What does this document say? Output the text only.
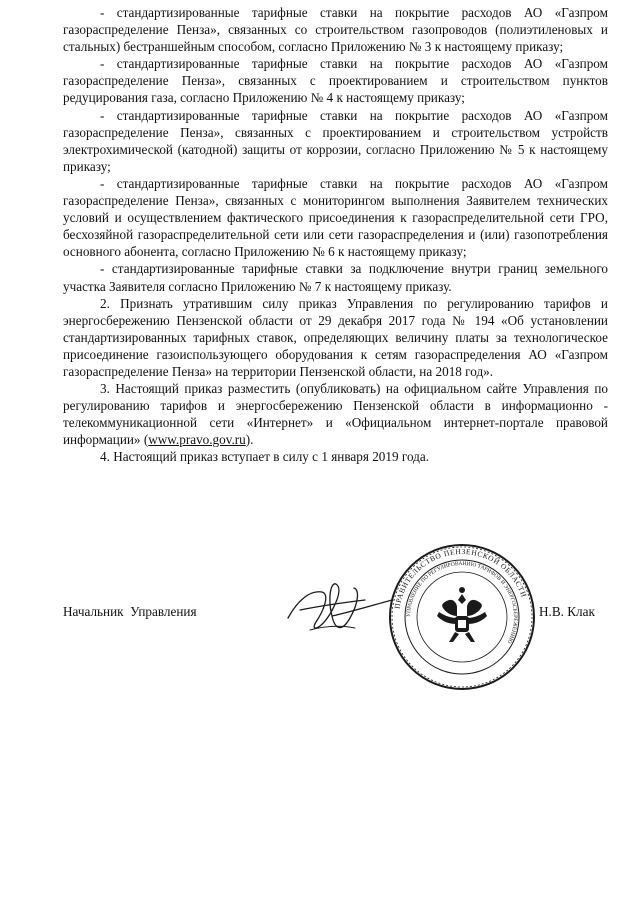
- стандартизированные тарифные ставки на покрытие расходов АО «Газпром газораспределение Пенза», связанных со строительством газопроводов (полиэтиленовых и стальных) бестраншейным способом, согласно Приложению № 3 к настоящему приказу;

- стандартизированные тарифные ставки на покрытие расходов АО «Газпром газораспределение Пенза», связанных с проектированием и строительством пунктов редуцирования газа, согласно Приложению № 4 к настоящему приказу;

- стандартизированные тарифные ставки на покрытие расходов АО «Газпром газораспределение Пенза», связанных с проектированием и строительством устройств электрохимической (катодной) защиты от коррозии, согласно Приложению № 5 к настоящему приказу;

- стандартизированные тарифные ставки на покрытие расходов АО «Газпром газораспределение Пенза», связанных с мониторингом выполнения Заявителем технических условий и осуществлением фактического присоединения к газораспределительной сети ГРО, бесхозяйной газораспределительной сети или сети газораспределения и (или) газопотребления основного абонента, согласно Приложению № 6 к настоящему приказу;

- стандартизированные тарифные ставки за подключение внутри границ земельного участка Заявителя согласно Приложению № 7 к настоящему приказу.

2. Признать утратившим силу приказ Управления по регулированию тарифов и энергосбережению Пензенской области от 29 декабря 2017 года № 194 «Об установлении стандартизированных тарифных ставок, определяющих величину платы за технологическое присоединение газоиспользующего оборудования к сетям газораспределения АО «Газпром газораспределение Пенза» на территории Пензенской области, на 2018 год».

3. Настоящий приказ разместить (опубликовать) на официальном сайте Управления по регулированию тарифов и энергосбережению Пензенской области в информационно - телекоммуникационной сети «Интернет» и «Официальном интернет-портале правовой информации» (www.pravo.gov.ru).

4. Настоящий приказ вступает в силу с 1 января 2019 года.

Начальник  Управления	ПРАВИТЕЛЬСТВО ПЕНЗЕНСКОЙ ОБЛАСТИ
УПРАВЛЕНИЕ ПО РЕГУЛИРОВАНИЮ ТАРИФОВ И ЭНЕРГОСБЕРЕЖЕНИЮ
Н.В. Клак
